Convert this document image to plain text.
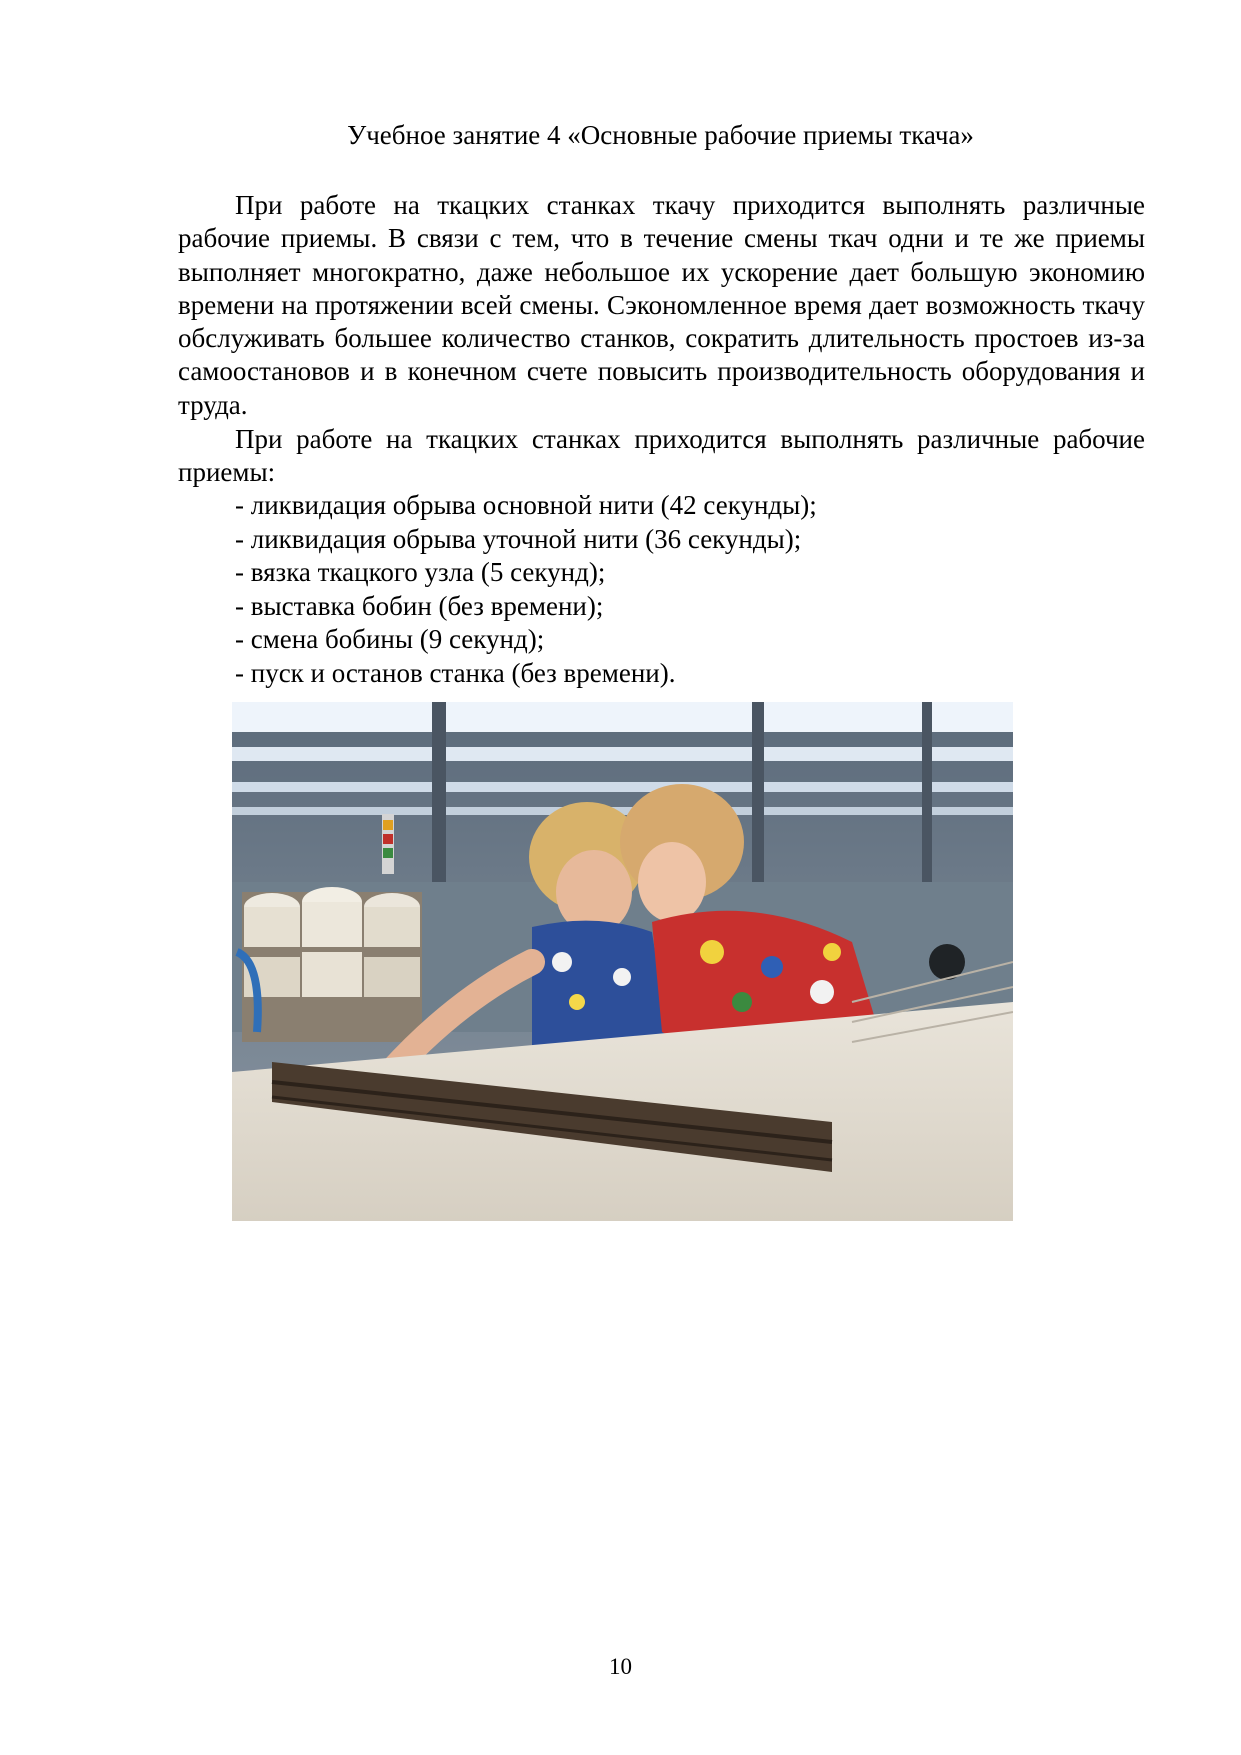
Учебное занятие 4 «Основные рабочие приемы ткача»

При работе на ткацких станках ткачу приходится выполнять различные рабочие приемы. В связи с тем, что в течение смены ткач одни и те же приемы выполняет многократно, даже небольшое их ускорение дает большую экономию времени на протяжении всей смены. Сэкономленное время дает возможность ткачу обслуживать большее количество станков, сократить длительность простоев из-за самоостановов и в конечном счете повысить производительность оборудования и труда.

При работе на ткацких станках приходится выполнять различные рабочие приемы:

- ликвидация обрыва основной нити (42 секунды);
- ликвидация обрыва уточной нити (36 секунды);
- вязка ткацкого узла (5 секунд);
- выставка бобин (без времени);
- смена бобины (9 секунд);
- пуск и останов станка (без времени).
10
